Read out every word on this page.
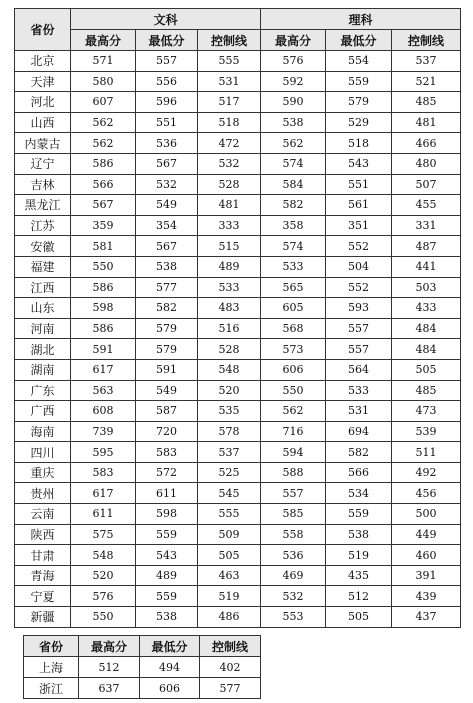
省份	文科			理科		
	最高分	最低分	控制线	最高分	最低分	控制线
北京	571	557	555	576	554	537
天津	580	556	531	592	559	521
河北	607	596	517	590	579	485
山西	562	551	518	538	529	481
内蒙古	562	536	472	562	518	466
辽宁	586	567	532	574	543	480
吉林	566	532	528	584	551	507
黑龙江	567	549	481	582	561	455
江苏	359	354	333	358	351	331
安徽	581	567	515	574	552	487
福建	550	538	489	533	504	441
江西	586	577	533	565	552	503
山东	598	582	483	605	593	433
河南	586	579	516	568	557	484
湖北	591	579	528	573	557	484
湖南	617	591	548	606	564	505
广东	563	549	520	550	533	485
广西	608	587	535	562	531	473
海南	739	720	578	716	694	539
四川	595	583	537	594	582	511
重庆	583	572	525	588	566	492
贵州	617	611	545	557	534	456
云南	611	598	555	585	559	500
陕西	575	559	509	558	538	449
甘肃	548	543	505	536	519	460
青海	520	489	463	469	435	391
宁夏	576	559	519	532	512	439
新疆	550	538	486	553	505	437
省份	最高分	最低分	控制线
上海	512	494	402
浙江	637	606	577
